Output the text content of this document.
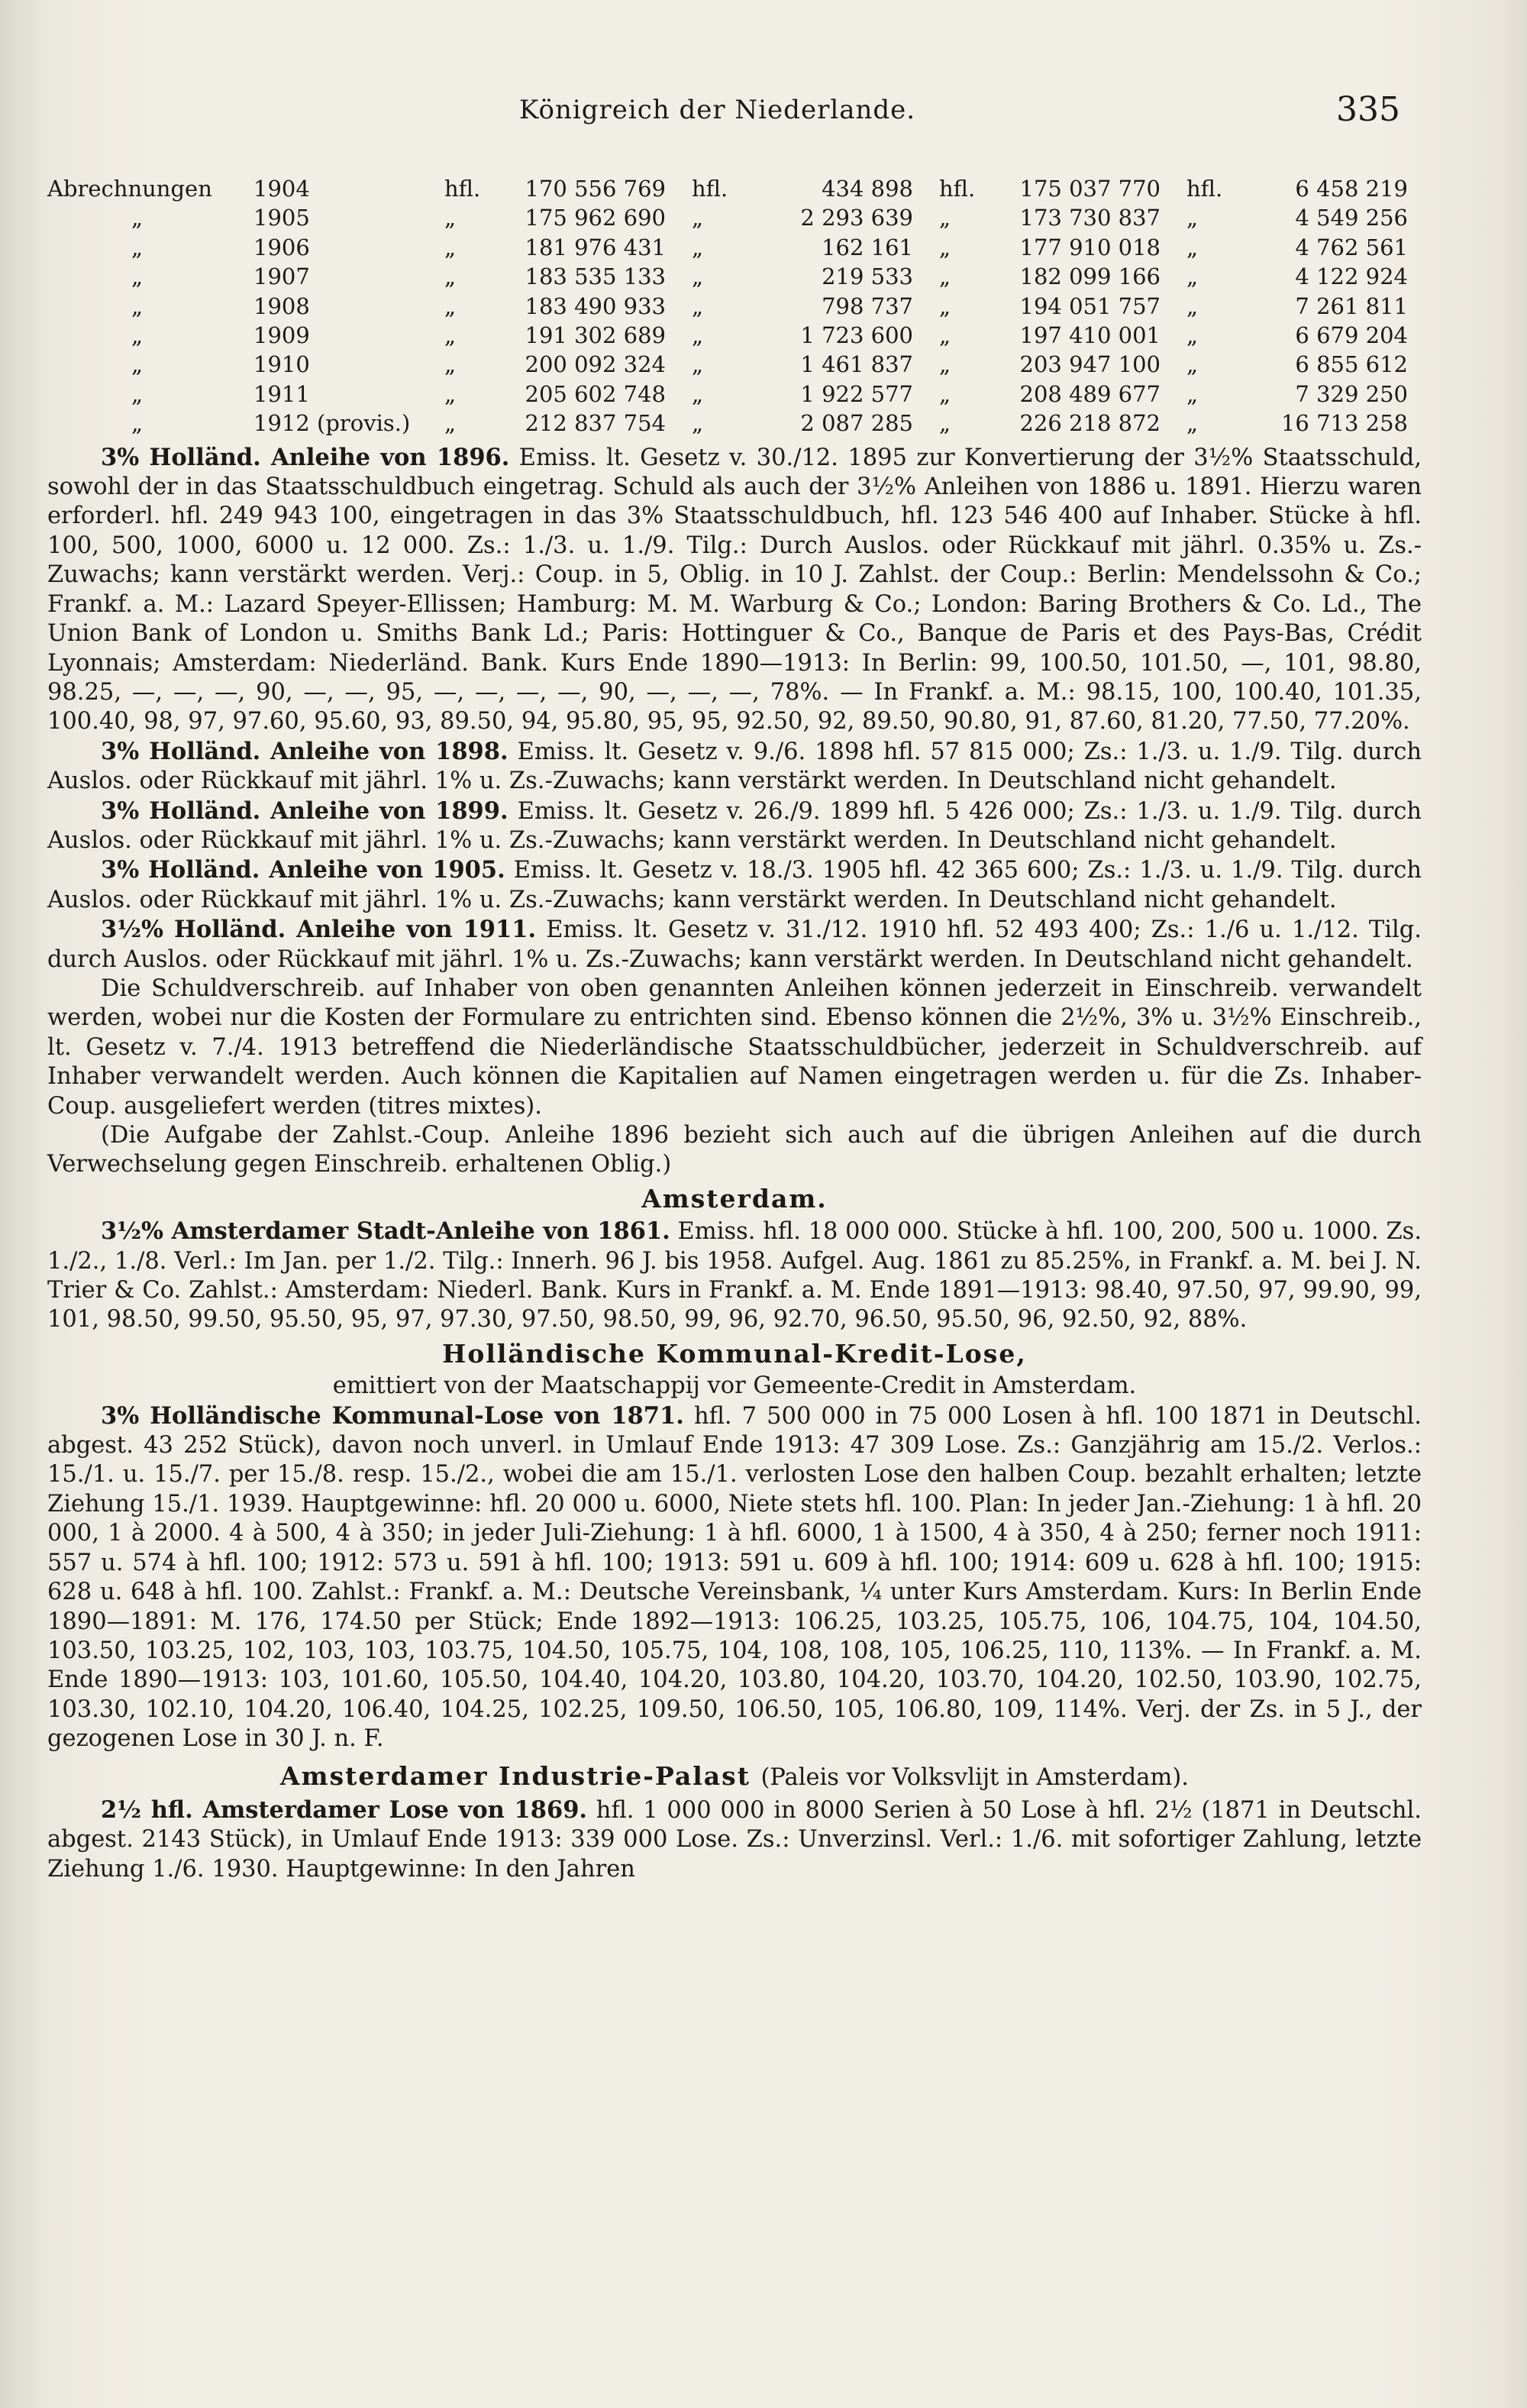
Königreich der Niederlande.	335
Abrechnungen	1904	hfl.	170 556 769	hfl.	434 898	hfl.	175 037 770	hfl.	6 458 219
„	1905	„	175 962 690	„	2 293 639	„	173 730 837	„	4 549 256
„	1906	„	181 976 431	„	162 161	„	177 910 018	„	4 762 561
„	1907	„	183 535 133	„	219 533	„	182 099 166	„	4 122 924
„	1908	„	183 490 933	„	798 737	„	194 051 757	„	7 261 811
„	1909	„	191 302 689	„	1 723 600	„	197 410 001	„	6 679 204
„	1910	„	200 092 324	„	1 461 837	„	203 947 100	„	6 855 612
„	1911	„	205 602 748	„	1 922 577	„	208 489 677	„	7 329 250
„	1912 (provis.)	„	212 837 754	„	2 087 285	„	226 218 872	„	16 713 258

3% Holländ. Anleihe von 1896. Emiss. lt. Gesetz v. 30./12. 1895 zur Konvertierung der 3½% Staatsschuld, sowohl der in das Staatsschuldbuch eingetrag. Schuld als auch der 3½% Anleihen von 1886 u. 1891. Hierzu waren erforderl. hfl. 249 943 100, eingetragen in das 3% Staatsschuldbuch, hfl. 123 546 400 auf Inhaber. Stücke à hfl. 100, 500, 1000, 6000 u. 12 000. Zs.: 1./3. u. 1./9. Tilg.: Durch Auslos. oder Rückkauf mit jährl. 0.35% u. Zs.-Zuwachs; kann verstärkt werden. Verj.: Coup. in 5, Oblig. in 10 J. Zahlst. der Coup.: Berlin: Mendelssohn & Co.; Frankf. a. M.: Lazard Speyer-Ellissen; Hamburg: M. M. Warburg & Co.; London: Baring Brothers & Co. Ld., The Union Bank of London u. Smiths Bank Ld.; Paris: Hottinguer & Co., Banque de Paris et des Pays-Bas, Crédit Lyonnais; Amsterdam: Niederländ. Bank. Kurs Ende 1890—1913: In Berlin: 99, 100.50, 101.50, —, 101, 98.80, 98.25, —, —, —, 90, —, —, 95, —, —, —, —, 90, —, —, —, 78%. — In Frankf. a. M.: 98.15, 100, 100.40, 101.35, 100.40, 98, 97, 97.60, 95.60, 93, 89.50, 94, 95.80, 95, 95, 92.50, 92, 89.50, 90.80, 91, 87.60, 81.20, 77.50, 77.20%.

3% Holländ. Anleihe von 1898. Emiss. lt. Gesetz v. 9./6. 1898 hfl. 57 815 000; Zs.: 1./3. u. 1./9. Tilg. durch Auslos. oder Rückkauf mit jährl. 1% u. Zs.-Zuwachs; kann verstärkt werden. In Deutschland nicht gehandelt.

3% Holländ. Anleihe von 1899. Emiss. lt. Gesetz v. 26./9. 1899 hfl. 5 426 000; Zs.: 1./3. u. 1./9. Tilg. durch Auslos. oder Rückkauf mit jährl. 1% u. Zs.-Zuwachs; kann verstärkt werden. In Deutschland nicht gehandelt.

3% Holländ. Anleihe von 1905. Emiss. lt. Gesetz v. 18./3. 1905 hfl. 42 365 600; Zs.: 1./3. u. 1./9. Tilg. durch Auslos. oder Rückkauf mit jährl. 1% u. Zs.-Zuwachs; kann verstärkt werden. In Deutschland nicht gehandelt.

3½% Holländ. Anleihe von 1911. Emiss. lt. Gesetz v. 31./12. 1910 hfl. 52 493 400; Zs.: 1./6 u. 1./12. Tilg. durch Auslos. oder Rückkauf mit jährl. 1% u. Zs.-Zuwachs; kann verstärkt werden. In Deutschland nicht gehandelt.

Die Schuldverschreib. auf Inhaber von oben genannten Anleihen können jederzeit in Einschreib. verwandelt werden, wobei nur die Kosten der Formulare zu entrichten sind. Ebenso können die 2½%, 3% u. 3½% Einschreib., lt. Gesetz v. 7./4. 1913 betreffend die Niederländische Staatsschuldbücher, jederzeit in Schuldverschreib. auf Inhaber verwandelt werden. Auch können die Kapitalien auf Namen eingetragen werden u. für die Zs. Inhaber-Coup. ausgeliefert werden (titres mixtes).

(Die Aufgabe der Zahlst.-Coup. Anleihe 1896 bezieht sich auch auf die übrigen Anleihen auf die durch Verwechselung gegen Einschreib. erhaltenen Oblig.)

Amsterdam.

3½% Amsterdamer Stadt-Anleihe von 1861. Emiss. hfl. 18 000 000. Stücke à hfl. 100, 200, 500 u. 1000. Zs. 1./2., 1./8. Verl.: Im Jan. per 1./2. Tilg.: Innerh. 96 J. bis 1958. Aufgel. Aug. 1861 zu 85.25%, in Frankf. a. M. bei J. N. Trier & Co. Zahlst.: Amsterdam: Niederl. Bank. Kurs in Frankf. a. M. Ende 1891—1913: 98.40, 97.50, 97, 99.90, 99, 101, 98.50, 99.50, 95.50, 95, 97, 97.30, 97.50, 98.50, 99, 96, 92.70, 96.50, 95.50, 96, 92.50, 92, 88%.

Holländische Kommunal-Kredit-Lose,

emittiert von der Maatschappij vor Gemeente-Credit in Amsterdam.

3% Holländische Kommunal-Lose von 1871. hfl. 7 500 000 in 75 000 Losen à hfl. 100 1871 in Deutschl. abgest. 43 252 Stück), davon noch unverl. in Umlauf Ende 1913: 47 309 Lose. Zs.: Ganzjährig am 15./2. Verlos.: 15./1. u. 15./7. per 15./8. resp. 15./2., wobei die am 15./1. verlosten Lose den halben Coup. bezahlt erhalten; letzte Ziehung 15./1. 1939. Hauptgewinne: hfl. 20 000 u. 6000, Niete stets hfl. 100. Plan: In jeder Jan.-Ziehung: 1 à hfl. 20 000, 1 à 2000. 4 à 500, 4 à 350; in jeder Juli-Ziehung: 1 à hfl. 6000, 1 à 1500, 4 à 350, 4 à 250; ferner noch 1911: 557 u. 574 à hfl. 100; 1912: 573 u. 591 à hfl. 100; 1913: 591 u. 609 à hfl. 100; 1914: 609 u. 628 à hfl. 100; 1915: 628 u. 648 à hfl. 100. Zahlst.: Frankf. a. M.: Deutsche Vereinsbank, ¼ unter Kurs Amsterdam. Kurs: In Berlin Ende 1890—1891: M. 176, 174.50 per Stück; Ende 1892—1913: 106.25, 103.25, 105.75, 106, 104.75, 104, 104.50, 103.50, 103.25, 102, 103, 103, 103.75, 104.50, 105.75, 104, 108, 108, 105, 106.25, 110, 113%. — In Frankf. a. M. Ende 1890—1913: 103, 101.60, 105.50, 104.40, 104.20, 103.80, 104.20, 103.70, 104.20, 102.50, 103.90, 102.75, 103.30, 102.10, 104.20, 106.40, 104.25, 102.25, 109.50, 106.50, 105, 106.80, 109, 114%. Verj. der Zs. in 5 J., der gezogenen Lose in 30 J. n. F.

Amsterdamer Industrie-Palast (Paleis vor Volksvlijt in Amsterdam).

2½ hfl. Amsterdamer Lose von 1869. hfl. 1 000 000 in 8000 Serien à 50 Lose à hfl. 2½ (1871 in Deutschl. abgest. 2143 Stück), in Umlauf Ende 1913: 339 000 Lose. Zs.: Unverzinsl. Verl.: 1./6. mit sofortiger Zahlung, letzte Ziehung 1./6. 1930. Hauptgewinne: In den Jahren
